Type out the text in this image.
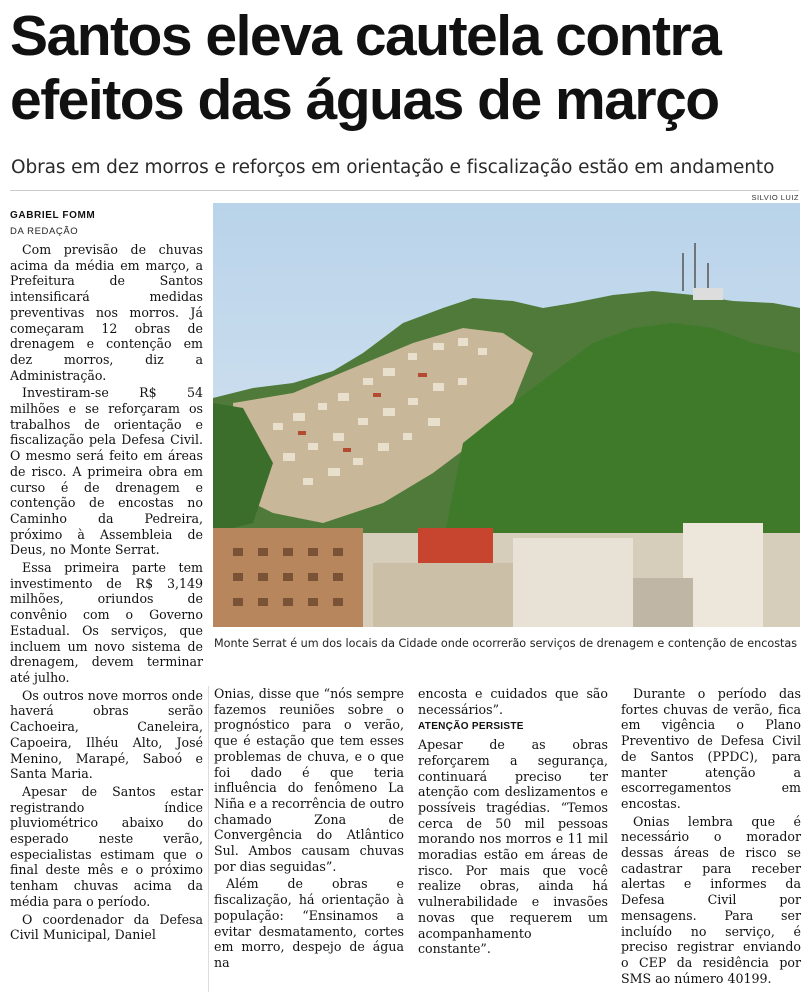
Santos eleva cautela contra
efeitos das águas de março

Obras em dez morros e reforços em orientação e fiscalização estão em andamento

GABRIEL FOMM

DA REDAÇÃO

SILVIO LUIZ

Monte Serrat é um dos locais da Cidade onde ocorrerão serviços de drenagem e contenção de encostas

Com previsão de chuvas acima da média em março, a Prefeitura de Santos intensificará medidas preventivas nos morros. Já começaram 12 obras de drenagem e contenção em dez morros, diz a Administração.

Investiram-se R$ 54 milhões e se reforçaram os trabalhos de orientação e fiscalização pela Defesa Civil. O mesmo será feito em áreas de risco. A primeira obra em curso é de drenagem e contenção de encostas no Caminho da Pedreira, próximo à Assembleia de Deus, no Monte Serrat.

Essa primeira parte tem investimento de R$ 3,149 milhões, oriundos de convênio com o Governo Estadual. Os serviços, que incluem um novo sistema de drenagem, devem terminar até julho.

Os outros nove morros onde haverá obras serão Cachoeira, Caneleira, Capoeira, Ilhéu Alto, José Menino, Marapé, Saboó e Santa Maria.

Apesar de Santos estar registrando índice pluviométrico abaixo do esperado neste verão, especialistas estimam que o final deste mês e o próximo tenham chuvas acima da média para o período.

O coordenador da Defesa Civil Municipal, Daniel

Onias, disse que “nós sempre fazemos reuniões sobre o prognóstico para o verão, que é estação que tem esses problemas de chuva, e o que foi dado é que teria influência do fenômeno La Niña e a recorrência de outro chamado Zona de Convergência do Atlântico Sul. Ambos causam chuvas por dias seguidas”.

Além de obras e fiscalização, há orientação à população: “Ensinamos a evitar desmatamento, cortes em morro, despejo de água na

encosta e cuidados que são necessários”.

ATENÇÃO PERSISTE

Apesar de as obras reforçarem a segurança, continuará preciso ter atenção com deslizamentos e possíveis tragédias. “Temos cerca de 50 mil pessoas morando nos morros e 11 mil moradias estão em áreas de risco. Por mais que você realize obras, ainda há vulnerabilidade e invasões novas que requerem um acompanhamento constante”.

Durante o período das fortes chuvas de verão, fica em vigência o Plano Preventivo de Defesa Civil de Santos (PPDC), para manter atenção a escorregamentos em encostas.

Onias lembra que é necessário o morador dessas áreas de risco se cadastrar para receber alertas e informes da Defesa Civil por mensagens. Para ser incluído no serviço, é preciso registrar enviando o CEP da residência por SMS ao número 40199.
